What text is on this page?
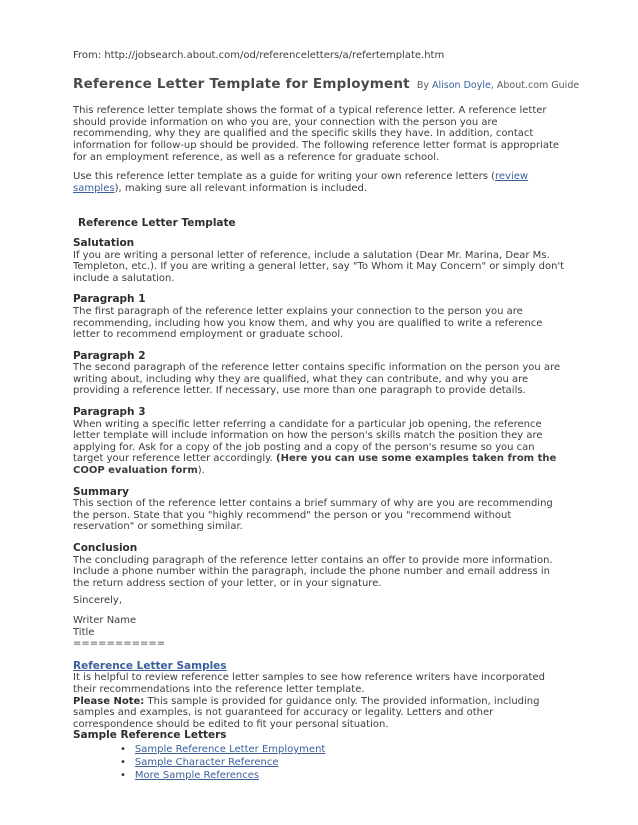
From: http://jobsearch.about.com/od/referenceletters/a/refertemplate.htm

Reference Letter Template for Employment By Alison Doyle, About.com Guide

This reference letter template shows the format of a typical reference letter. A reference letter should provide information on who you are, your connection with the person you are recommending, why they are qualified and the specific skills they have. In addition, contact information for follow-up should be provided. The following reference letter format is appropriate for an employment reference, as well as a reference for graduate school.

Use this reference letter template as a guide for writing your own reference letters (review samples), making sure all relevant information is included.

Reference Letter Template
Salutation

If you are writing a personal letter of reference, include a salutation (Dear Mr. Marina, Dear Ms. Templeton, etc.). If you are writing a general letter, say "To Whom it May Concern" or simply don't include a salutation.

Paragraph 1

The first paragraph of the reference letter explains your connection to the person you are recommending, including how you know them, and why you are qualified to write a reference letter to recommend employment or graduate school.

Paragraph 2

The second paragraph of the reference letter contains specific information on the person you are writing about, including why they are qualified, what they can contribute, and why you are providing a reference letter. If necessary, use more than one paragraph to provide details.

Paragraph 3

When writing a specific letter referring a candidate for a particular job opening, the reference letter template will include information on how the person's skills match the position they are applying for. Ask for a copy of the job posting and a copy of the person's resume so you can target your reference letter accordingly. (Here you can use some examples taken from the COOP evaluation form).

Summary

This section of the reference letter contains a brief summary of why are you are recommending the person. State that you "highly recommend" the person or you "recommend without reservation" or something similar.

Conclusion

The concluding paragraph of the reference letter contains an offer to provide more information. Include a phone number within the paragraph, include the phone number and email address in the return address section of your letter, or in your signature.

Sincerely,

Writer Name

Title

===========

Reference Letter Samples

It is helpful to review reference letter samples to see how reference writers have incorporated their recommendations into the reference letter template.

Please Note: This sample is provided for guidance only. The provided information, including samples and examples, is not guaranteed for accuracy or legality. Letters and other correspondence should be edited to fit your personal situation.

Sample Reference Letters

• Sample Reference Letter Employment
• Sample Character Reference
• More Sample References
